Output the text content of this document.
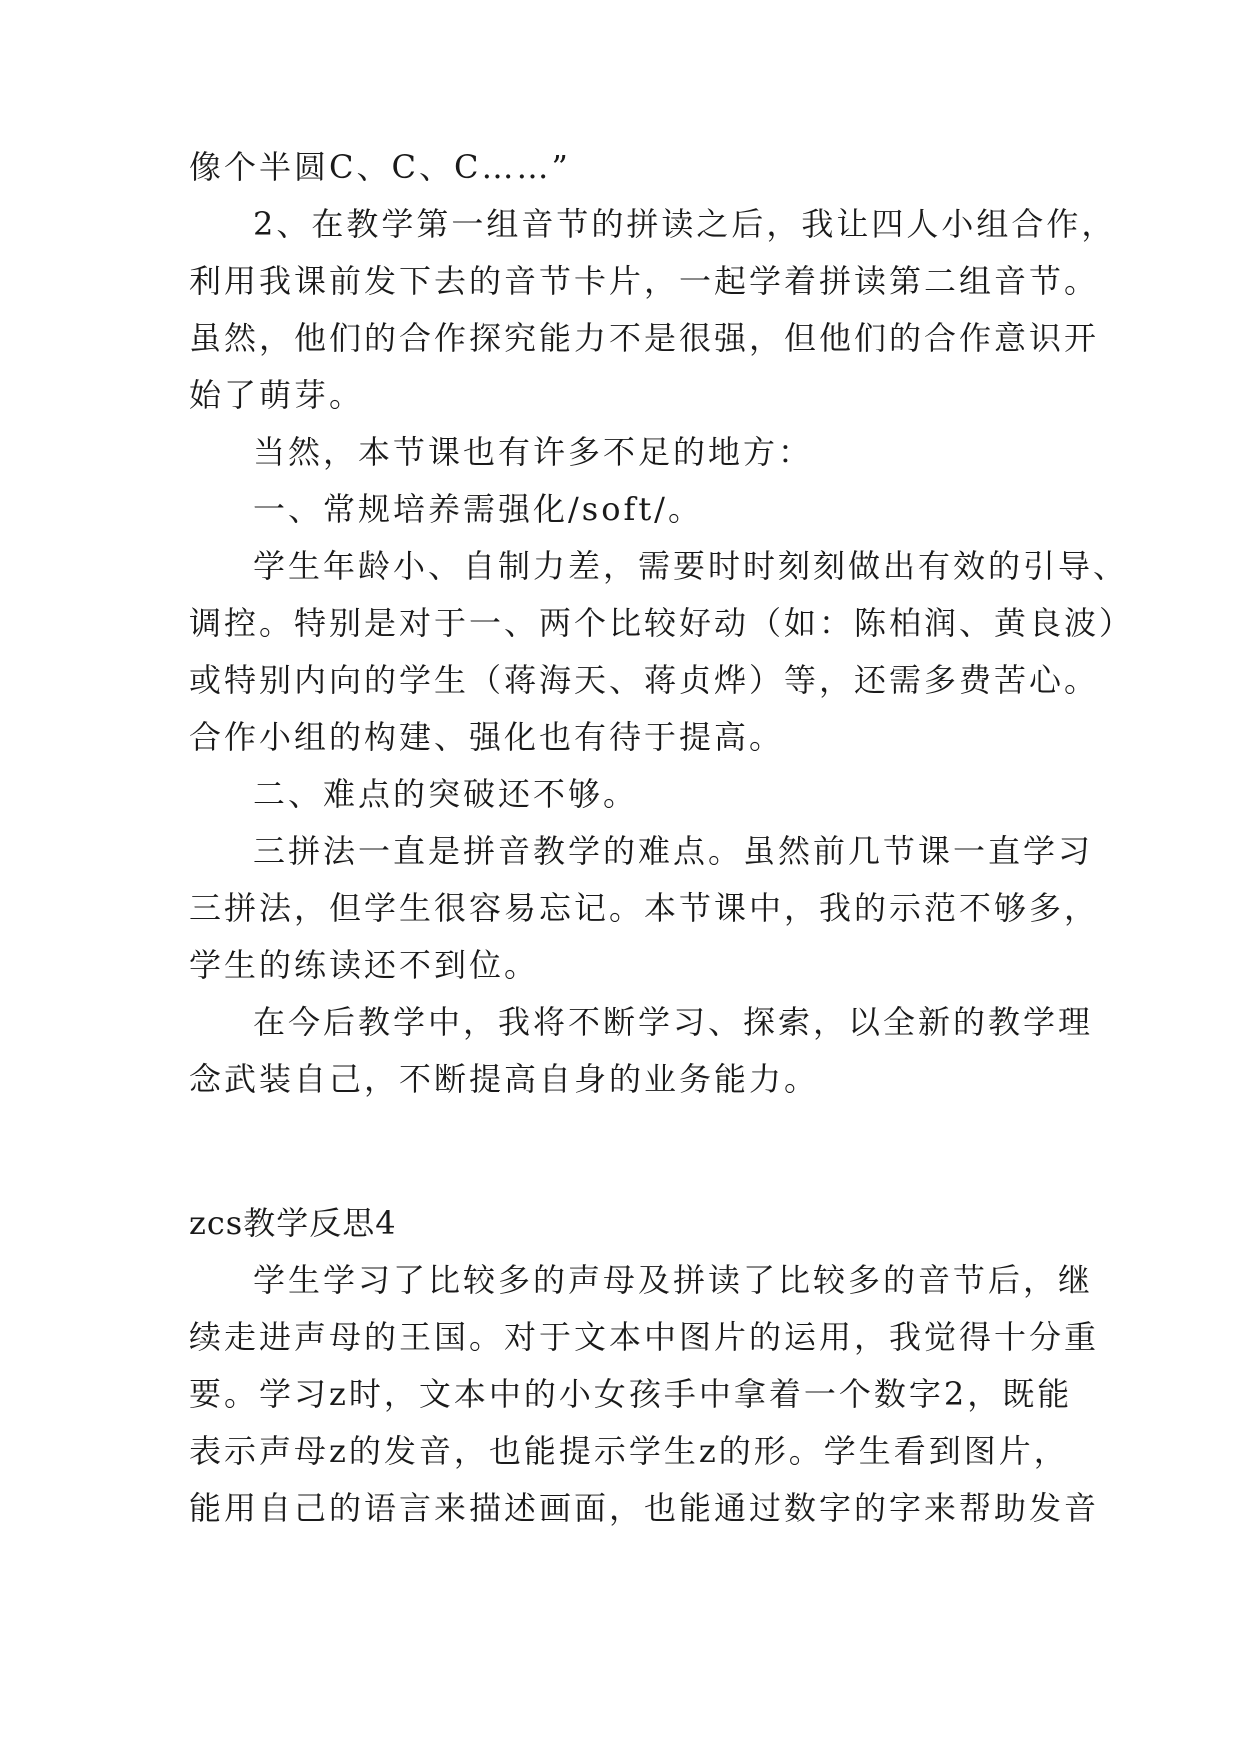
像个半圆C、C、C……”
2、在教学第一组音节的拼读之后，我让四人小组合作，
利用我课前发下去的音节卡片，一起学着拼读第二组音节。
虽然，他们的合作探究能力不是很强，但他们的合作意识开
始了萌芽。
当然，本节课也有许多不足的地方：
一、常规培养需强化/soft/。
学生年龄小、自制力差，需要时时刻刻做出有效的引导、
调控。特别是对于一、两个比较好动（如：陈柏润、黄良波）
或特别内向的学生（蒋海天、蒋贞烨）等，还需多费苦心。
合作小组的构建、强化也有待于提高。
二、难点的突破还不够。
三拼法一直是拼音教学的难点。虽然前几节课一直学习
三拼法，但学生很容易忘记。本节课中，我的示范不够多，
学生的练读还不到位。
在今后教学中，我将不断学习、探索，以全新的教学理
念武装自己，不断提高自身的业务能力。
zcs教学反思4
学生学习了比较多的声母及拼读了比较多的音节后，继
续走进声母的王国。对于文本中图片的运用，我觉得十分重
要。学习z时，文本中的小女孩手中拿着一个数字2，既能
表示声母z的发音，也能提示学生z的形。学生看到图片，
能用自己的语言来描述画面，也能通过数字的字来帮助发音
